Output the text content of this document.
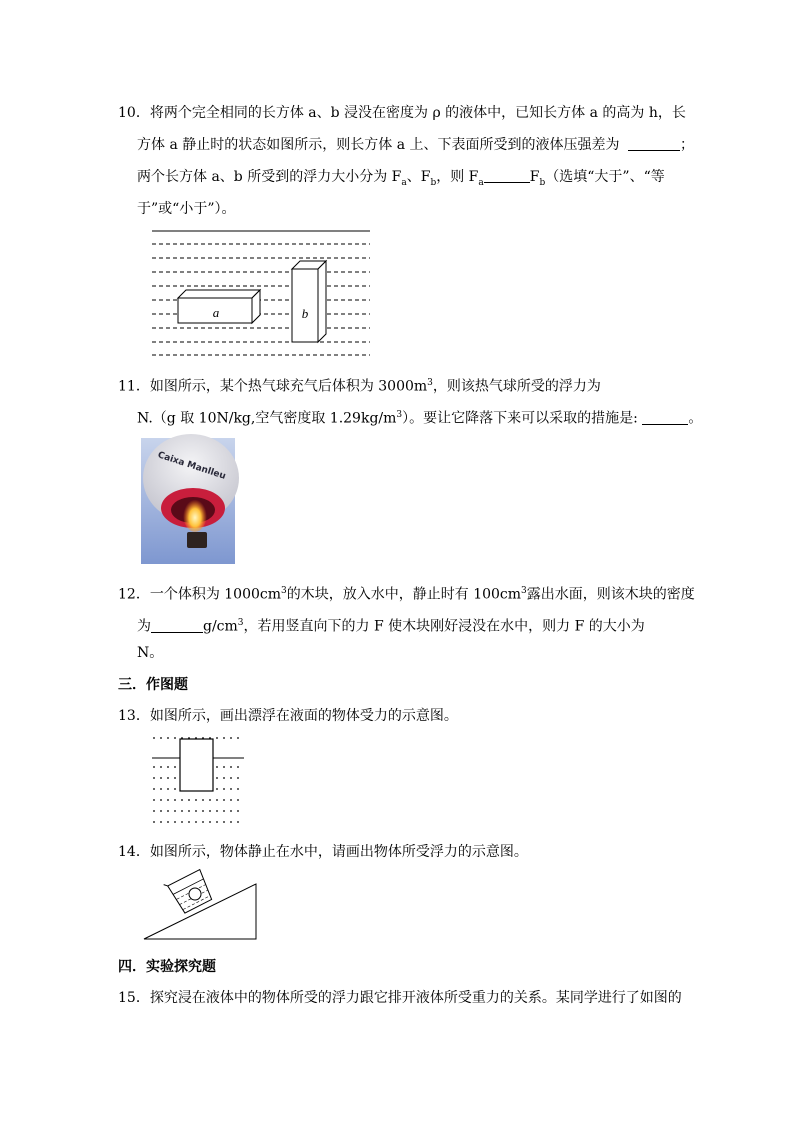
10．将两个完全相同的长方体 a、b 浸没在密度为 ρ 的液体中，已知长方体 a 的高为 h，长
方体 a 静止时的状态如图所示，则长方体 a 上、下表面所受到的液体压强差为	；
两个长方体 a、b 所受到的浮力大小分为 $F_a$、$F_b$，则 $F_a$	$F_b$（选填“大于”、“等
于”或“小于”）。
a	b
11．如图所示，某个热气球充气后体积为 $3000m^3$，则该热气球所受的浮力为
N.（g 取 10N/kg,空气密度取 $1.29kg/m^3$）。要让它降落下来可以采取的措施是:	。
Caixa Manlleu
12．一个体积为 $1000cm^3$的木块，放入水中，静止时有 $100cm^3$露出水面，则该木块的密度
为	$g/cm^3$，若用竖直向下的力 F 使木块刚好浸没在水中，则力 F 的大小为
N。
三．作图题
13．如图所示，画出漂浮在液面的物体受力的示意图。
14．如图所示，物体静止在水中，请画出物体所受浮力的示意图。
四．实验探究题
15．探究浸在液体中的物体所受的浮力跟它排开液体所受重力的关系。某同学进行了如图的
